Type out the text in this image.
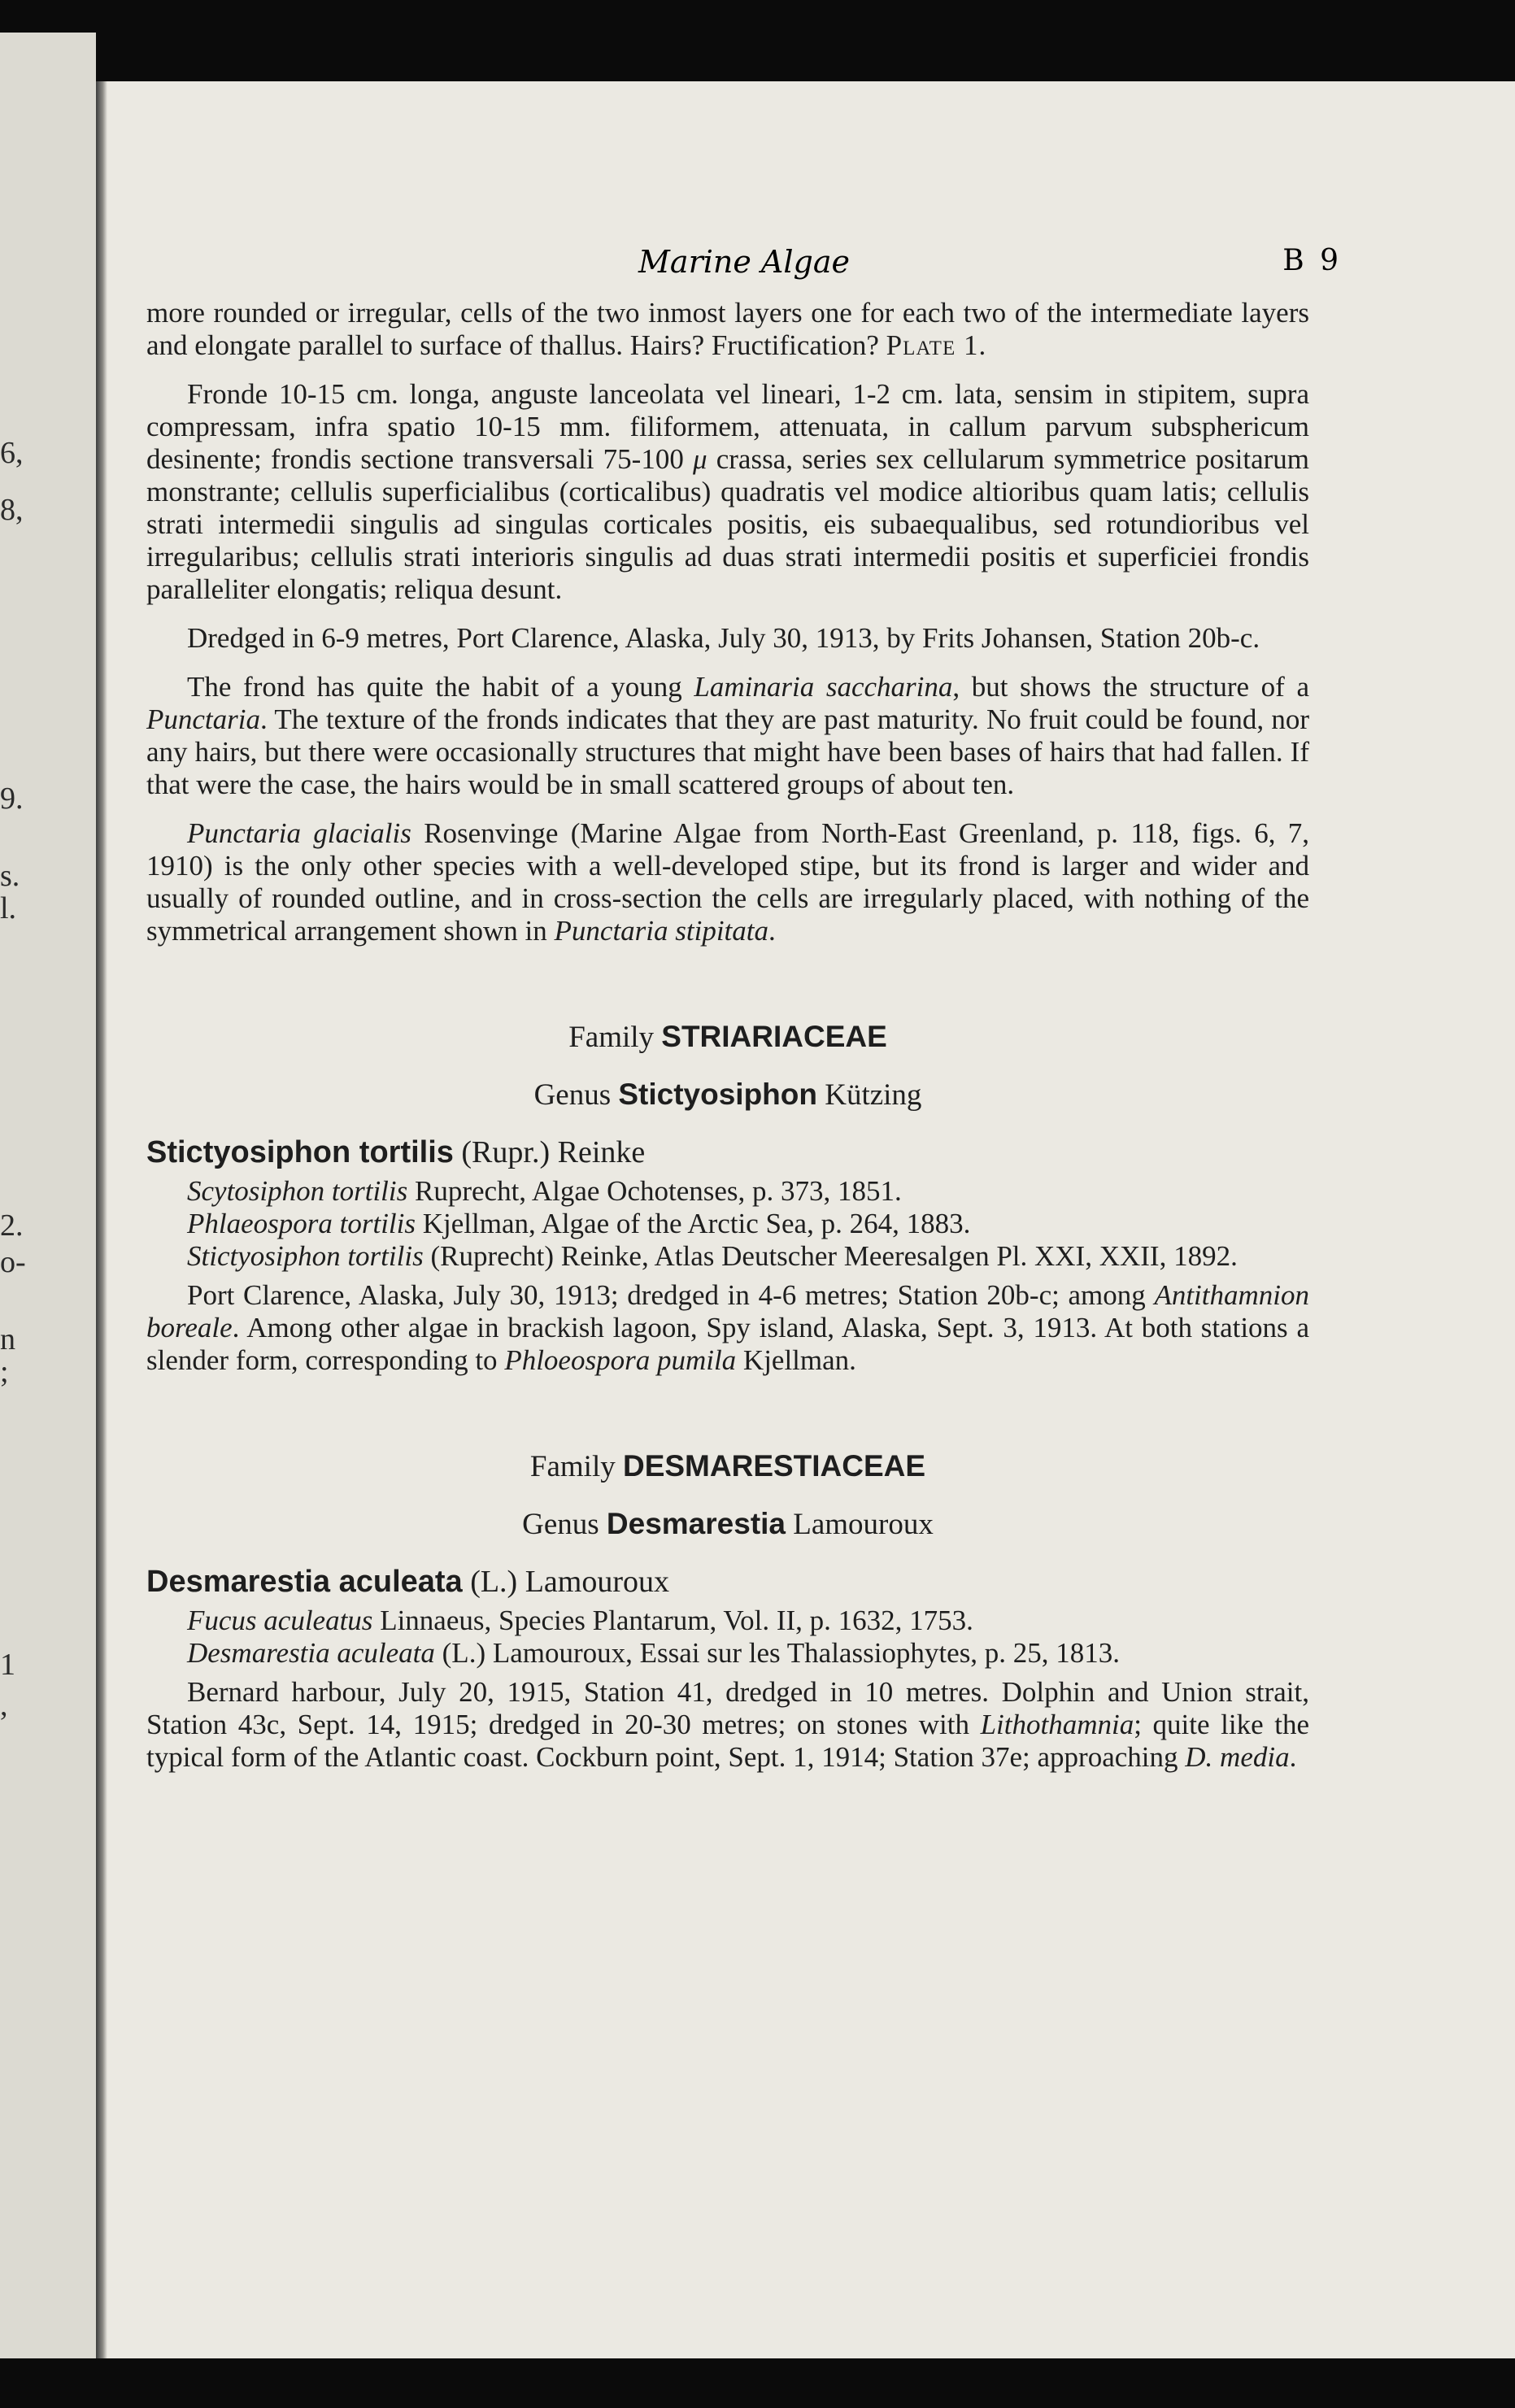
6,
8,
9.
s.
l.
2.
o-
n
;
1
,
Marine Algae	B 9

more rounded or irregular, cells of the two inmost layers one for each two of the intermediate layers and elongate parallel to surface of thallus. Hairs? Fructification? Plate 1.

Fronde 10-15 cm. longa, anguste lanceolata vel lineari, 1-2 cm. lata, sensim in stipitem, supra compressam, infra spatio 10-15 mm. filiformem, attenuata, in callum parvum subsphericum desinente; frondis sectione transversali 75-100 μ crassa, series sex cellularum symmetrice positarum monstrante; cellulis superficialibus (corticalibus) quadratis vel modice altioribus quam latis; cellulis strati intermedii singulis ad singulas corticales positis, eis subaequalibus, sed rotundioribus vel irregularibus; cellulis strati interioris singulis ad duas strati intermedii positis et superficiei frondis paralleliter elongatis; reliqua desunt.

Dredged in 6-9 metres, Port Clarence, Alaska, July 30, 1913, by Frits Johansen, Station 20b-c.

The frond has quite the habit of a young Laminaria saccharina, but shows the structure of a Punctaria. The texture of the fronds indicates that they are past maturity. No fruit could be found, nor any hairs, but there were occasionally structures that might have been bases of hairs that had fallen. If that were the case, the hairs would be in small scattered groups of about ten.

Punctaria glacialis Rosenvinge (Marine Algae from North-East Greenland, p. 118, figs. 6, 7, 1910) is the only other species with a well-developed stipe, but its frond is larger and wider and usually of rounded outline, and in cross-section the cells are irregularly placed, with nothing of the symmetrical arrangement shown in Punctaria stipitata.

Family STRIARIACEAE

Genus Stictyosiphon Kützing

Stictyosiphon tortilis (Rupr.) Reinke

Scytosiphon tortilis Ruprecht, Algae Ochotenses, p. 373, 1851.

Phlaeospora tortilis Kjellman, Algae of the Arctic Sea, p. 264, 1883.

Stictyosiphon tortilis (Ruprecht) Reinke, Atlas Deutscher Meeresalgen Pl. XXI, XXII, 1892.

Port Clarence, Alaska, July 30, 1913; dredged in 4-6 metres; Station 20b-c; among Antithamnion boreale. Among other algae in brackish lagoon, Spy island, Alaska, Sept. 3, 1913. At both stations a slender form, corresponding to Phloeospora pumila Kjellman.

Family DESMARESTIACEAE

Genus Desmarestia Lamouroux

Desmarestia aculeata (L.) Lamouroux

Fucus aculeatus Linnaeus, Species Plantarum, Vol. II, p. 1632, 1753.

Desmarestia aculeata (L.) Lamouroux, Essai sur les Thalassiophytes, p. 25, 1813.

Bernard harbour, July 20, 1915, Station 41, dredged in 10 metres. Dolphin and Union strait, Station 43c, Sept. 14, 1915; dredged in 20-30 metres; on stones with Lithothamnia; quite like the typical form of the Atlantic coast. Cockburn point, Sept. 1, 1914; Station 37e; approaching D. media.
